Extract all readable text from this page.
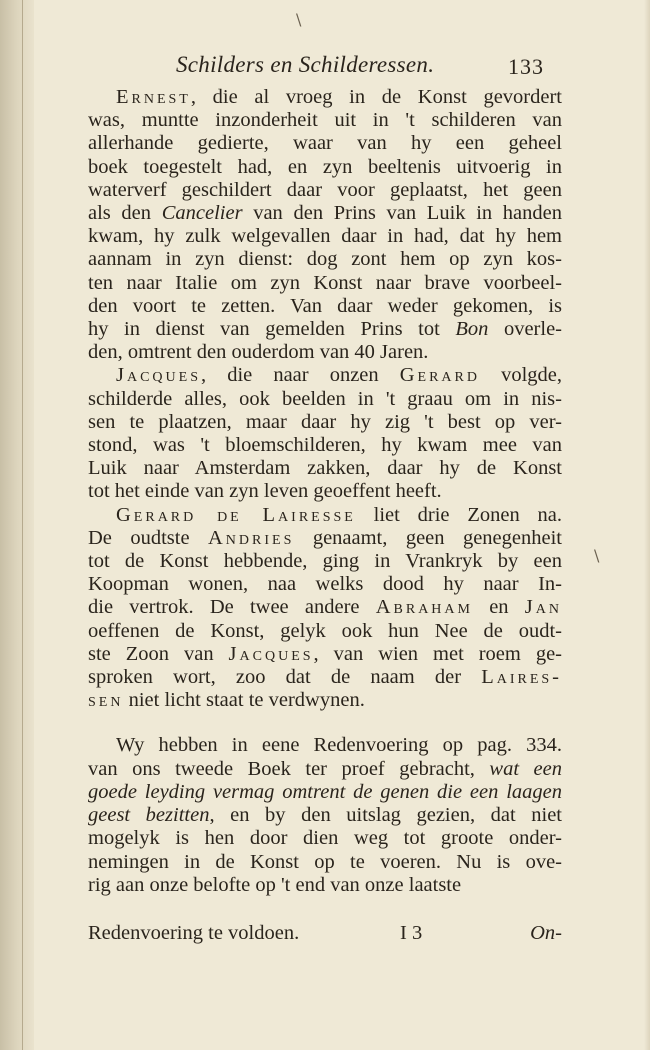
\
\
Schilders en Schilderessen.	133
Ernest, die al vroeg in de Konst gevordert
was, muntte inzonderheit uit in 't schilderen van
allerhande gedierte, waar van hy een geheel
boek toegestelt had, en zyn beeltenis uitvoerig in
waterverf geschildert daar voor geplaatst, het geen
als den Cancelier van den Prins van Luik in handen
kwam, hy zulk welgevallen daar in had, dat hy hem
aannam in zyn dienst: dog zont hem op zyn kos-
ten naar Italie om zyn Konst naar brave voorbeel-
den voort te zetten. Van daar weder gekomen, is
hy in dienst van gemelden Prins tot Bon overle-
den, omtrent den ouderdom van 40 Jaren.
Jacques, die naar onzen Gerard volgde,
schilderde alles, ook beelden in 't graau om in nis-
sen te plaatzen, maar daar hy zig 't best op ver-
stond, was 't bloemschilderen, hy kwam mee van
Luik naar Amsterdam zakken, daar hy de Konst
tot het einde van zyn leven geoeffent heeft.
Gerard de Lairesse liet drie Zonen na.
De oudtste Andries genaamt, geen genegenheit
tot de Konst hebbende, ging in Vrankryk by een
Koopman wonen, naa welks dood hy naar In-
die vertrok. De twee andere Abraham en Jan
oeffenen de Konst, gelyk ook hun Nee de oudt-
ste Zoon van Jacques, van wien met roem ge-
sproken wort, zoo dat de naam der Laires-
sen niet licht staat te verdwynen.
Wy hebben in eene Redenvoering op pag. 334.
van ons tweede Boek ter proef gebracht, wat een
goede leyding vermag omtrent de genen die een laagen
geest bezitten, en by den uitslag gezien, dat niet
mogelyk is hen door dien weg tot groote onder-
nemingen in de Konst op te voeren. Nu is ove-
rig aan onze belofte op 't end van onze laatste
Redenvoering te voldoen.	I 3	On-
